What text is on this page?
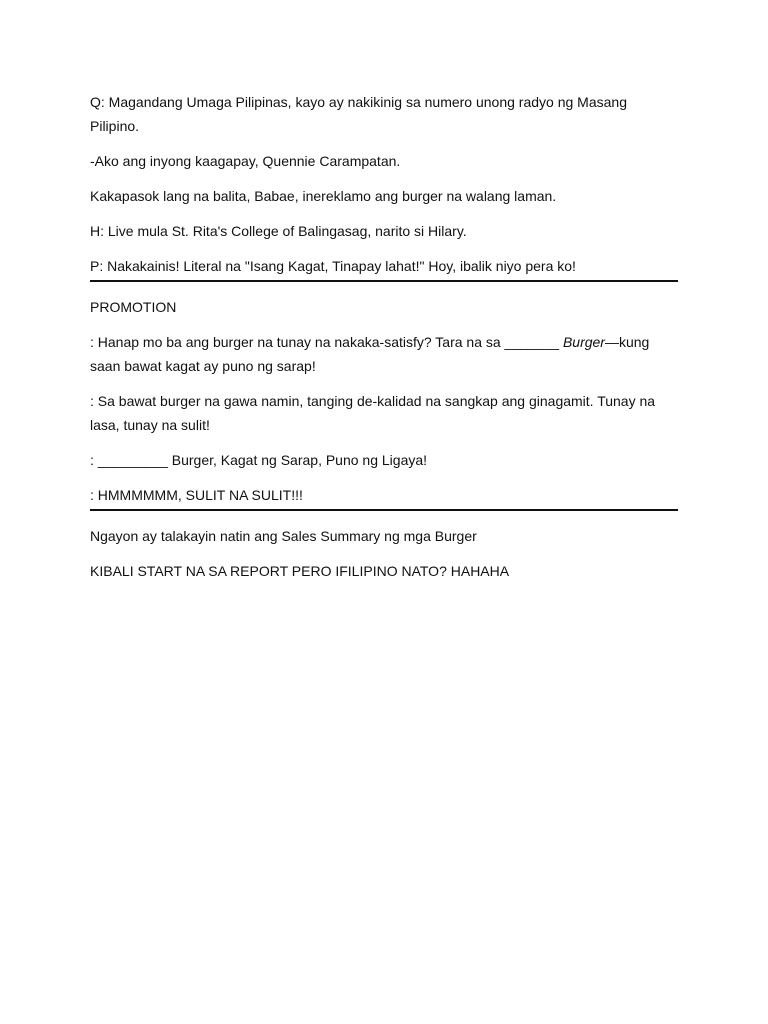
Q: Magandang Umaga Pilipinas, kayo ay nakikinig sa numero unong radyo ng Masang Pilipino.

-Ako ang inyong kaagapay, Quennie Carampatan.

Kakapasok lang na balita, Babae, inereklamo ang burger na walang laman.

H: Live mula St. Rita's College of Balingasag, narito si Hilary.

P: Nakakainis! Literal na "Isang Kagat, Tinapay lahat!" Hoy, ibalik niyo pera ko!

PROMOTION

: Hanap mo ba ang burger na tunay na nakaka-satisfy? Tara na sa _______ Burger—kung saan bawat kagat ay puno ng sarap!

: Sa bawat burger na gawa namin, tanging de-kalidad na sangkap ang ginagamit. Tunay na lasa, tunay na sulit!

: _________ Burger, Kagat ng Sarap, Puno ng Ligaya!

: HMMMMMM, SULIT NA SULIT!!!

Ngayon ay talakayin natin ang Sales Summary ng mga Burger

KIBALI START NA SA REPORT PERO IFILIPINO NATO? HAHAHA
